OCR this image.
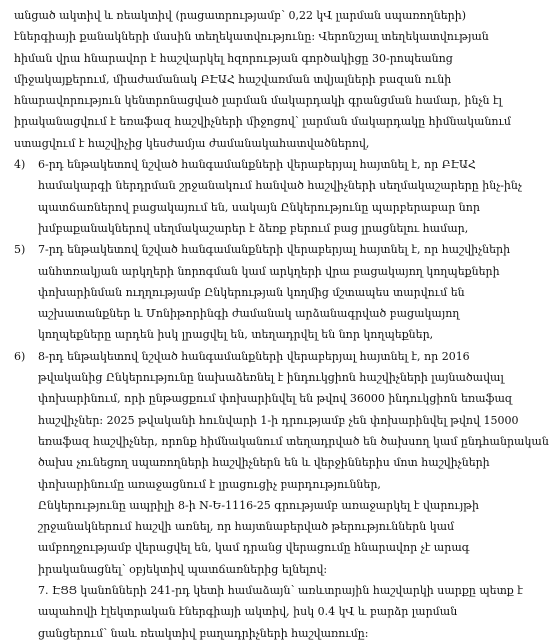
անցած ակտիվ և ռեակտիվ (րացատրությամբ՝ 0,22 կՎ լարման սպառողների)
էներգիայի քանակների մասին տեղեկատվությունը: Վերոնշյալ տեղեկատվության
հիման վրա հնարավոր է հաշվարկել հզորության գործակիցը 30-րոպեանոց
միջակայքերում, միաժամանակ ԲԷԱՀ հաշվառման տվյալների բազան ունի
հնարավորություն կենտրոնացված լարման մակարդակի գրանցման համար, ինչն էլ
իրականացվում է եռաֆազ հաշվիչների միջոցով՝ լարման մակարդակը հիմնականում
ստացվում է հաշվիչից կեսժամյա ժամանակահատվածներով,
4)	6-րդ ենթակետով նշված հանգամանքների վերաբերյալ հայտնել է, որ ԲԷԱՀ
համակարգի ներդրման շրջանակում հանված հաշվիչների սեղմակաշարերը ինչ-ինչ
պատճառներով բացակայում են, սակայն Ընկերությունը պարբերաբար նոր
խմբաքանակներով սեղմակաշարեր է ձեռք բերում բաց լրացնելու համար,
5)	7-րդ ենթակետով նշված հանգամանքների վերաբերյալ հայտնել է, որ հաշվիչների
անհտռակյան արկղերի նորոգման կամ արկղերի վրա բացակայող կողպեքների
փոխարինման ուղղությամբ Ընկերության կողմից մշտապես տարվում են
աշխատանքներ և Մոնիթորինգի ժամանակ արձանագրված բացակայող
կողպեքները արդեն իսկ լրացվել են, տեղադրվել են նոր կողպեքներ,
6)	8-րդ ենթակետով նշված հանգամանքների վերաբերյալ հայտնել է, որ 2016
թվականից Ընկերությունը նախաձեռնել է ինդուկցիոն հաշվիչների լայնածավալ
փոխարինում, որի ընթացքում փոխարինվել են թվով 36000 ինդուկցիոն եռաֆազ
հաշվիչներ: 2025 թվականի հունվարի 1-ի դրությամբ չեն փոխարինվել թվով 15000
եռաֆազ հաշվիչներ, որոնք հիմնականում տեղադրված են ծախսող կամ ընդհանրական
ծախս չունեցող սպառողների հաշվիչներն են և վերջիններիս մոտ հաշվիչների
փոխարինումը առաջացնում է լրացուցիչ բարդություններ,
Ընկերությունը ապրիլի 8-ի N-Ե-1116-25 գրությամբ առաջարկել է վարույթի
շրջանակներում հաշվի առնել, որ հայտնաբերված թերություններն կամ
ամբողջությամբ վերացվել են, կամ դրանց վերացումը հնարավոր չէ արագ
իրականացնել՝ օբյեկտիվ պատճառներից ելնելով:
7. ԷՑՑ կանոնների 241-րդ կետի համաձայն՝ առևտրային հաշվարկի սարքը պետք է
ապահովի էլեկտրական էներգիայի ակտիվ, իսկ 0.4 կՎ և բարձր լարման
ցանցերում՝ նաև ռեակտիվ բաղադրիչների հաշվառումը:
